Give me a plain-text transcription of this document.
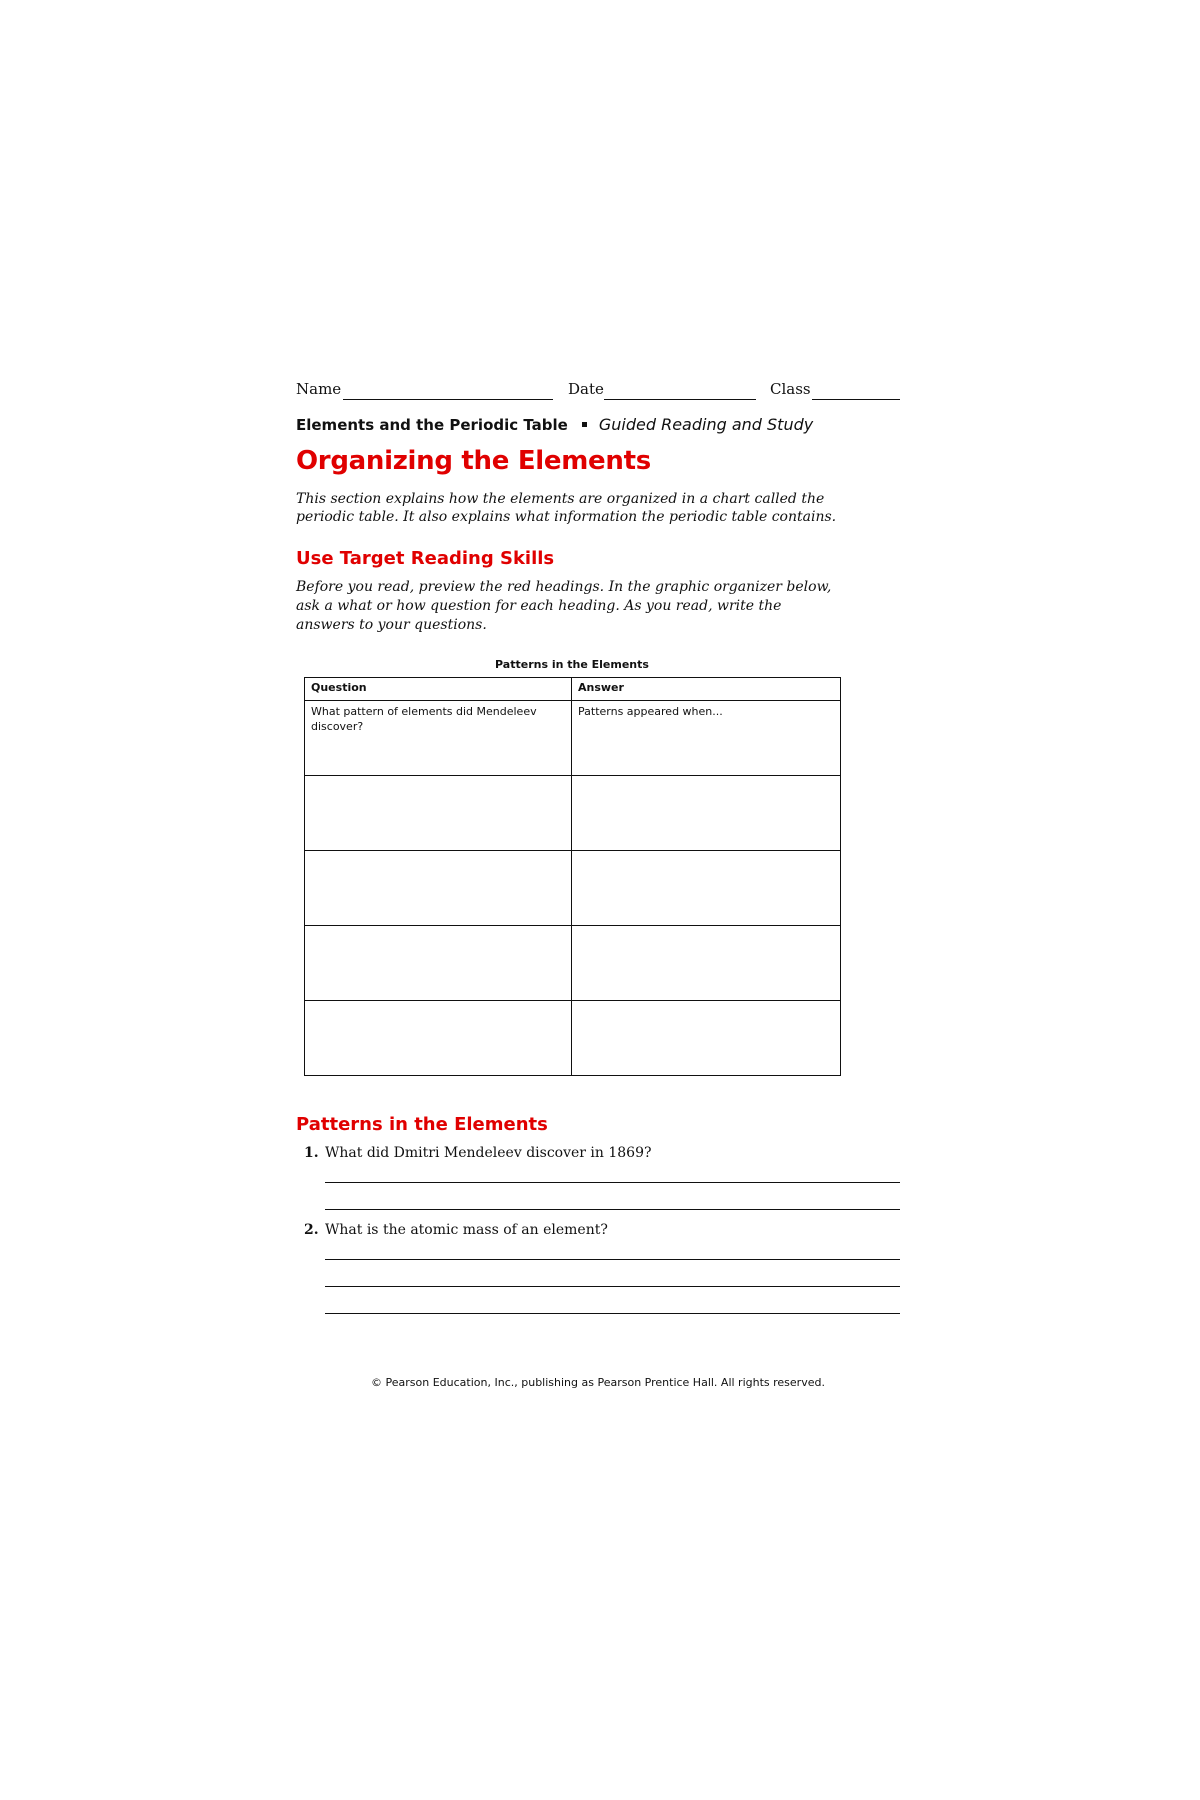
Name	Date	Class
Elements and the Periodic Table Guided Reading and Study
Organizing the Elements

This section explains how the elements are organized in a chart called the periodic table. It also explains what information the periodic table contains.

Use Target Reading Skills

Before you read, preview the red headings. In the graphic organizer below, ask a what or how question for each heading. As you read, write the answers to your questions.

Patterns in the Elements
Question	Answer
What pattern of elements did Mendeleev discover?	Patterns appeared when...

Patterns in the Elements
1. What did Dmitri Mendeleev discover in 1869?
2. What is the atomic mass of an element?
© Pearson Education, Inc., publishing as Pearson Prentice Hall. All rights reserved.
